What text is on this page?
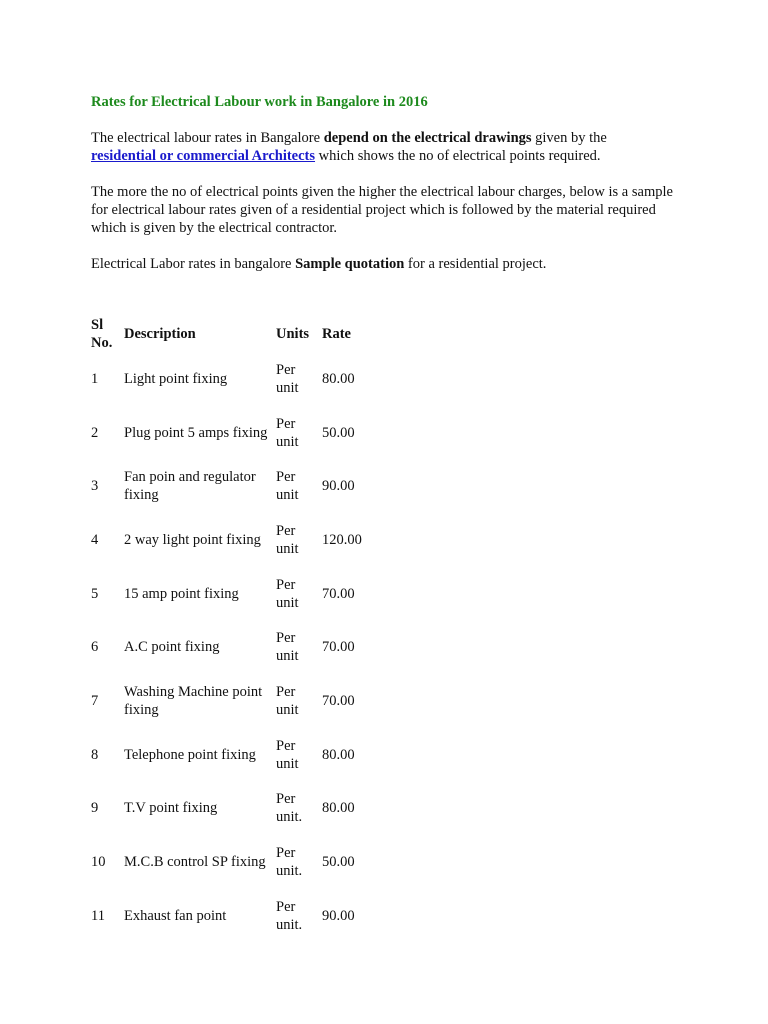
Rates for Electrical Labour work in Bangalore in 2016
The electrical labour rates in Bangalore depend on the electrical drawings given by the
residential or commercial Architects which shows the no of electrical points required.
The more the no of electrical points given the higher the electrical labour charges, below is a sample for electrical labour rates given of a residential project which is followed by the material required which is given by the electrical contractor.
Electrical Labor rates in bangalore Sample quotation for a residential project.
Sl No.	Description	Units	Rate
1	Light point fixing	Per unit	80.00
2	Plug point 5 amps fixing	Per unit	50.00
3	Fan poin and regulator fixing	Per unit	90.00
4	2 way light point fixing	Per unit	120.00
5	15 amp point fixing	Per unit	70.00
6	A.C point fixing	Per unit	70.00
7	Washing Machine point fixing	Per unit	70.00
8	Telephone point fixing	Per unit	80.00
9	T.V point fixing	Per unit.	80.00
10	M.C.B control SP fixing	Per unit.	50.00
11	Exhaust fan point	Per unit.	90.00
